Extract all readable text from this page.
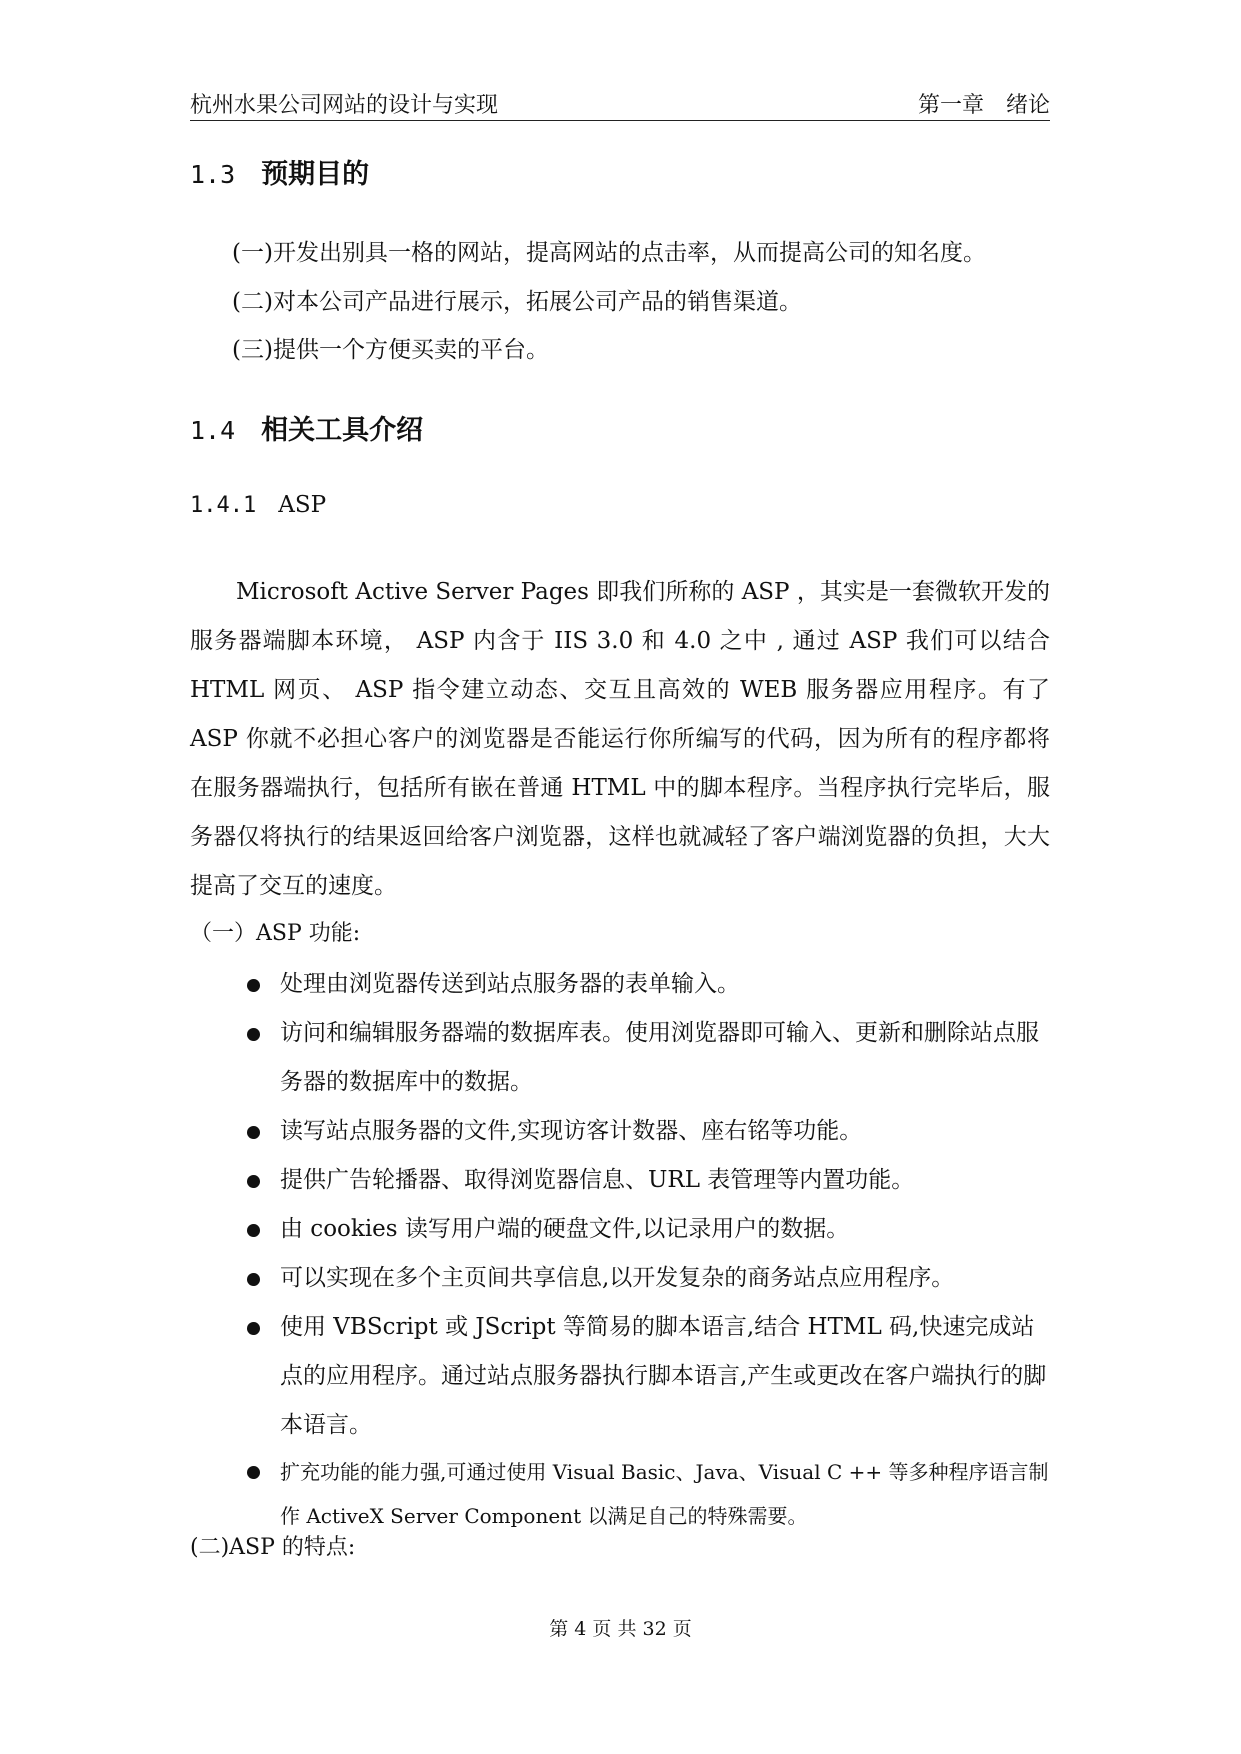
杭州水果公司网站的设计与实现	第一章　绪论
1.3 预期目的
(一)开发出别具一格的网站，提高网站的点击率，从而提高公司的知名度。
(二)对本公司产品进行展示，拓展公司产品的销售渠道。
(三)提供一个方便买卖的平台。
1.4 相关工具介绍
1.4.1 ASP

Microsoft Active Server Pages 即我们所称的 ASP ，其实是一套微软开发的服务器端脚本环境， ASP 内含于 IIS 3.0 和 4.0 之中 , 通过 ASP 我们可以结合 HTML 网页、 ASP 指令建立动态、交互且高效的 WEB 服务器应用程序。有了 ASP 你就不必担心客户的浏览器是否能运行你所编写的代码，因为所有的程序都将在服务器端执行，包括所有嵌在普通 HTML 中的脚本程序。当程序执行完毕后，服务器仅将执行的结果返回给客户浏览器，这样也就减轻了客户端浏览器的负担，大大提高了交互的速度。

（一）ASP 功能:
处理由浏览器传送到站点服务器的表单输入。
访问和编辑服务器端的数据库表。使用浏览器即可输入、更新和删除站点服务器的数据库中的数据。
读写站点服务器的文件,实现访客计数器、座右铭等功能。
提供广告轮播器、取得浏览器信息、URL 表管理等内置功能。
由 cookies 读写用户端的硬盘文件,以记录用户的数据。
可以实现在多个主页间共享信息,以开发复杂的商务站点应用程序。
使用 VBScript 或 JScript 等简易的脚本语言,结合 HTML 码,快速完成站点的应用程序。通过站点服务器执行脚本语言,产生或更改在客户端执行的脚本语言。
扩充功能的能力强,可通过使用 Visual Basic、Java、Visual C ++ 等多种程序语言制作 ActiveX Server Component 以满足自己的特殊需要。
(二)ASP 的特点:
第 4 页 共 32 页
